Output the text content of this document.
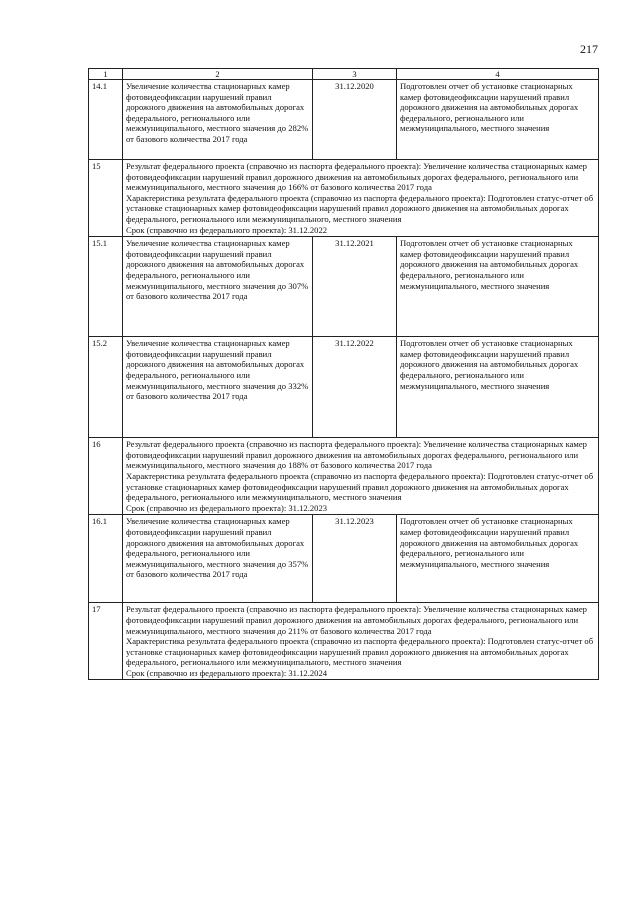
217
1	2	3	4
14.1	Увеличение количества стационарных камер фотовидеофиксации нарушений правил дорожного движения на автомобильных дорогах федерального, регионального или межмуниципального, местного значения до 282% от базового количества 2017 года	31.12.2020	Подготовлен отчет об установке стационарных камер фотовидеофиксации нарушений правил дорожного движения на автомобильных дорогах федерального, регионального или межмуниципального, местного значения
15	Результат федерального проекта (справочно из паспорта федерального проекта): Увеличение количества стационарных камер фотовидеофиксации нарушений правил дорожного движения на автомобильных дорогах федерального, регионального или межмуниципального, местного значения до 166% от базового количества 2017 года
Характеристика результата федерального проекта (справочно из паспорта федерального проекта): Подготовлен статус-отчет об установке стационарных камер фотовидеофиксации нарушений правил дорожного движения на автомобильных дорогах федерального, регионального или межмуниципального, местного значения
Срок (справочно из федерального проекта): 31.12.2022		

15.1	Увеличение количества стационарных камер фотовидеофиксации нарушений правил дорожного движения на автомобильных дорогах федерального, регионального или межмуниципального, местного значения до 307% от базового количества 2017 года	31.12.2021	Подготовлен отчет об установке стационарных камер фотовидеофиксации нарушений правил дорожного движения на автомобильных дорогах федерального, регионального или межмуниципального, местного значения
15.2	Увеличение количества стационарных камер фотовидеофиксации нарушений правил дорожного движения на автомобильных дорогах федерального, регионального или межмуниципального, местного значения до 332% от базового количества 2017 года	31.12.2022	Подготовлен отчет об установке стационарных камер фотовидеофиксации нарушений правил дорожного движения на автомобильных дорогах федерального, регионального или межмуниципального, местного значения
16	Результат федерального проекта (справочно из паспорта федерального проекта): Увеличение количества стационарных камер фотовидеофиксации нарушений правил дорожного движения на автомобильных дорогах федерального, регионального или межмуниципального, местного значения до 188% от базового количества 2017 года
Характеристика результата федерального проекта (справочно из паспорта федерального проекта): Подготовлен статус-отчет об установке стационарных камер фотовидеофиксации нарушений правил дорожного движения на автомобильных дорогах федерального, регионального или межмуниципального, местного значения
Срок (справочно из федерального проекта): 31.12.2023		

16.1	Увеличение количества стационарных камер фотовидеофиксации нарушений правил дорожного движения на автомобильных дорогах федерального, регионального или межмуниципального, местного значения до 357% от базового количества 2017 года	31.12.2023	Подготовлен отчет об установке стационарных камер фотовидеофиксации нарушений правил дорожного движения на автомобильных дорогах федерального, регионального или межмуниципального, местного значения
17	Результат федерального проекта (справочно из паспорта федерального проекта): Увеличение количества стационарных камер фотовидеофиксации нарушений правил дорожного движения на автомобильных дорогах федерального, регионального или межмуниципального, местного значения до 211% от базового количества 2017 года
Характеристика результата федерального проекта (справочно из паспорта федерального проекта): Подготовлен статус-отчет об установке стационарных камер фотовидеофиксации нарушений правил дорожного движения на автомобильных дорогах федерального, регионального или межмуниципального, местного значения
Срок (справочно из федерального проекта): 31.12.2024		
